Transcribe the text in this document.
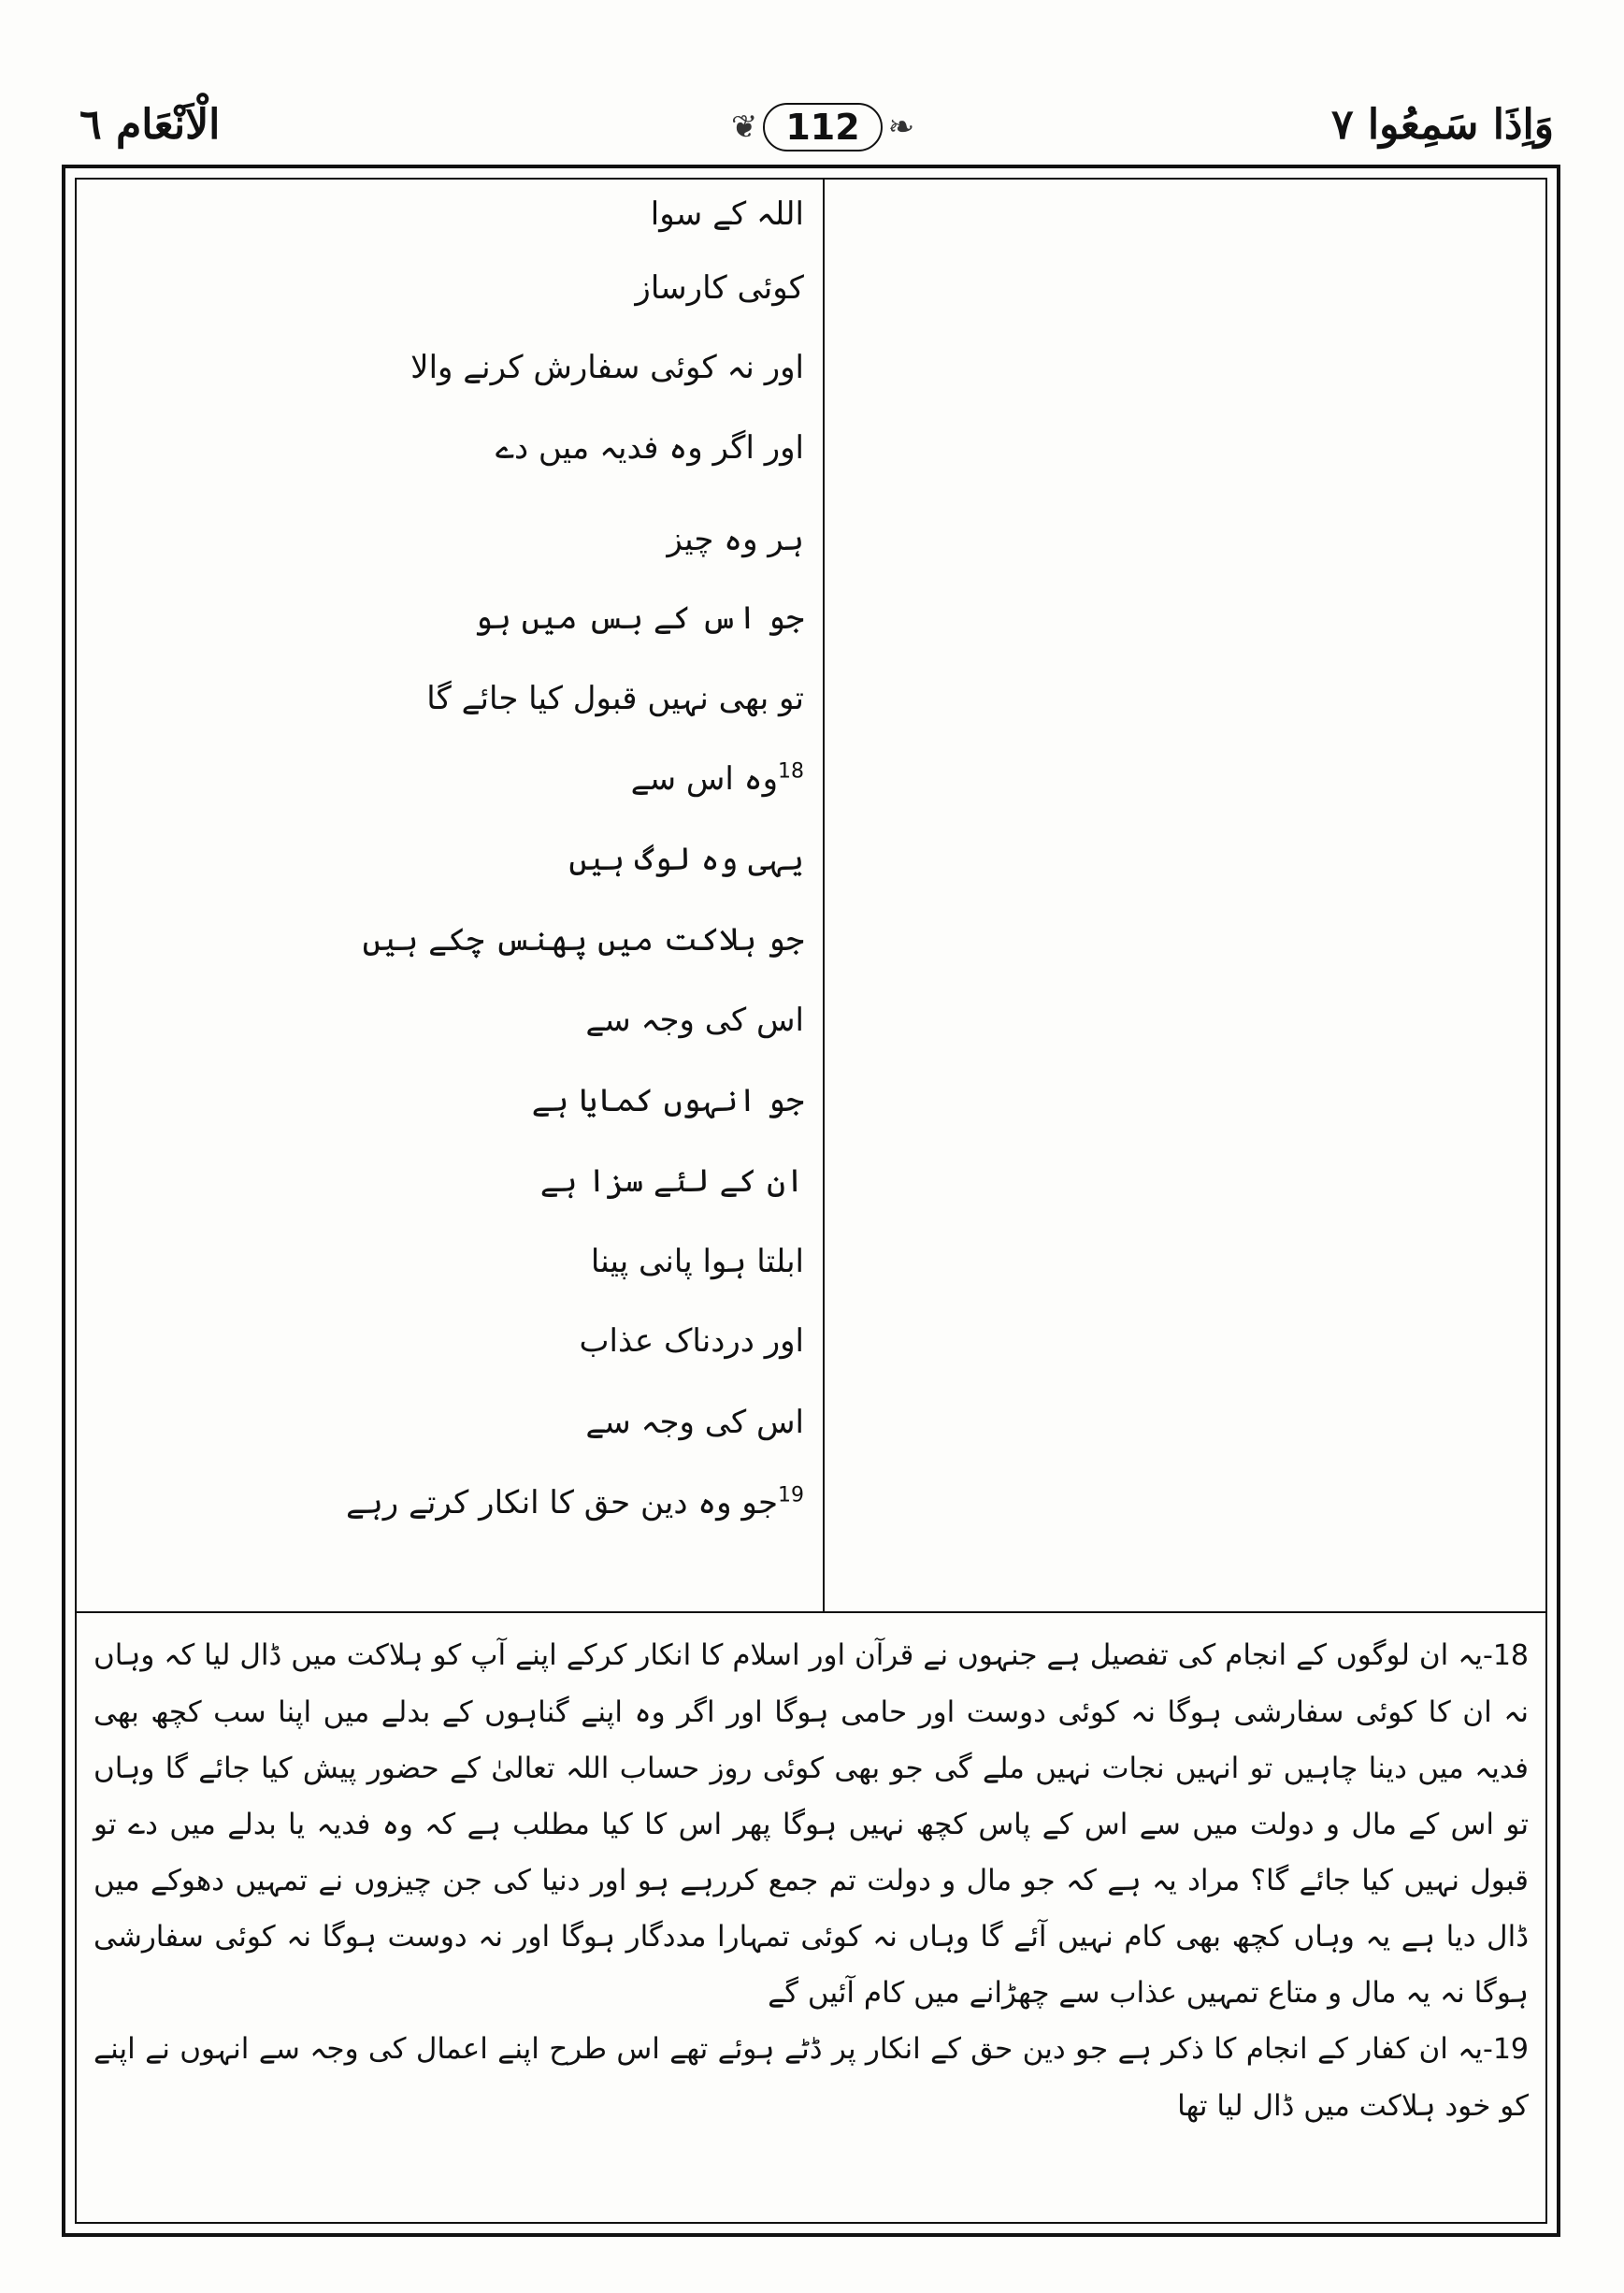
وَاِذَا سَمِعُوا ٧
❦ 112 ❧
الْاَنْعَام ٦
اللہ کے سوا
کوئی کارساز
اور نہ کوئی سفارش کرنے والا
اور اگر وہ فدیہ میں دے
ہر وہ چیز
جو اس کے بس میں ہو
تو بھی نہیں قبول کیا جائے گا
$^{18}$وہ اس سے
یہی وہ لوگ ہیں
جو ہلاکت میں پھنس چکے ہیں
اس کی وجہ سے
جو انہوں کمایا ہے
ان کے لئے سزا ہے
ابلتا ہوا پانی پینا
اور دردناک عذاب
اس کی وجہ سے
$^{19}$جو وہ دین حق کا انکار کرتے رہے

18-یہ ان لوگوں کے انجام کی تفصیل ہے جنہوں نے قرآن اور اسلام کا انکار کرکے اپنے آپ کو ہلاکت میں ڈال لیا کہ وہاں نہ ان کا کوئی سفارشی ہوگا نہ کوئی دوست اور حامی ہوگا اور اگر وہ اپنے گناہوں کے بدلے میں اپنا سب کچھ بھی فدیہ میں دینا چاہیں تو انہیں نجات نہیں ملے گی جو بھی کوئی روز حساب اللہ تعالیٰ کے حضور پیش کیا جائے گا وہاں تو اس کے مال و دولت میں سے اس کے پاس کچھ نہیں ہوگا پھر اس کا کیا مطلب ہے کہ وہ فدیہ یا بدلے میں دے تو قبول نہیں کیا جائے گا؟ مراد یہ ہے کہ جو مال و دولت تم جمع کررہے ہو اور دنیا کی جن چیزوں نے تمہیں دھوکے میں ڈال دیا ہے یہ وہاں کچھ بھی کام نہیں آئے گا وہاں نہ کوئی تمہارا مددگار ہوگا اور نہ دوست ہوگا نہ کوئی سفارشی ہوگا نہ یہ مال و متاع تمہیں عذاب سے چھڑانے میں کام آئیں گے

19-یہ ان کفار کے انجام کا ذکر ہے جو دین حق کے انکار پر ڈٹے ہوئے تھے اس طرح اپنے اعمال کی وجہ سے انہوں نے اپنے کو خود ہلاکت میں ڈال لیا تھا
